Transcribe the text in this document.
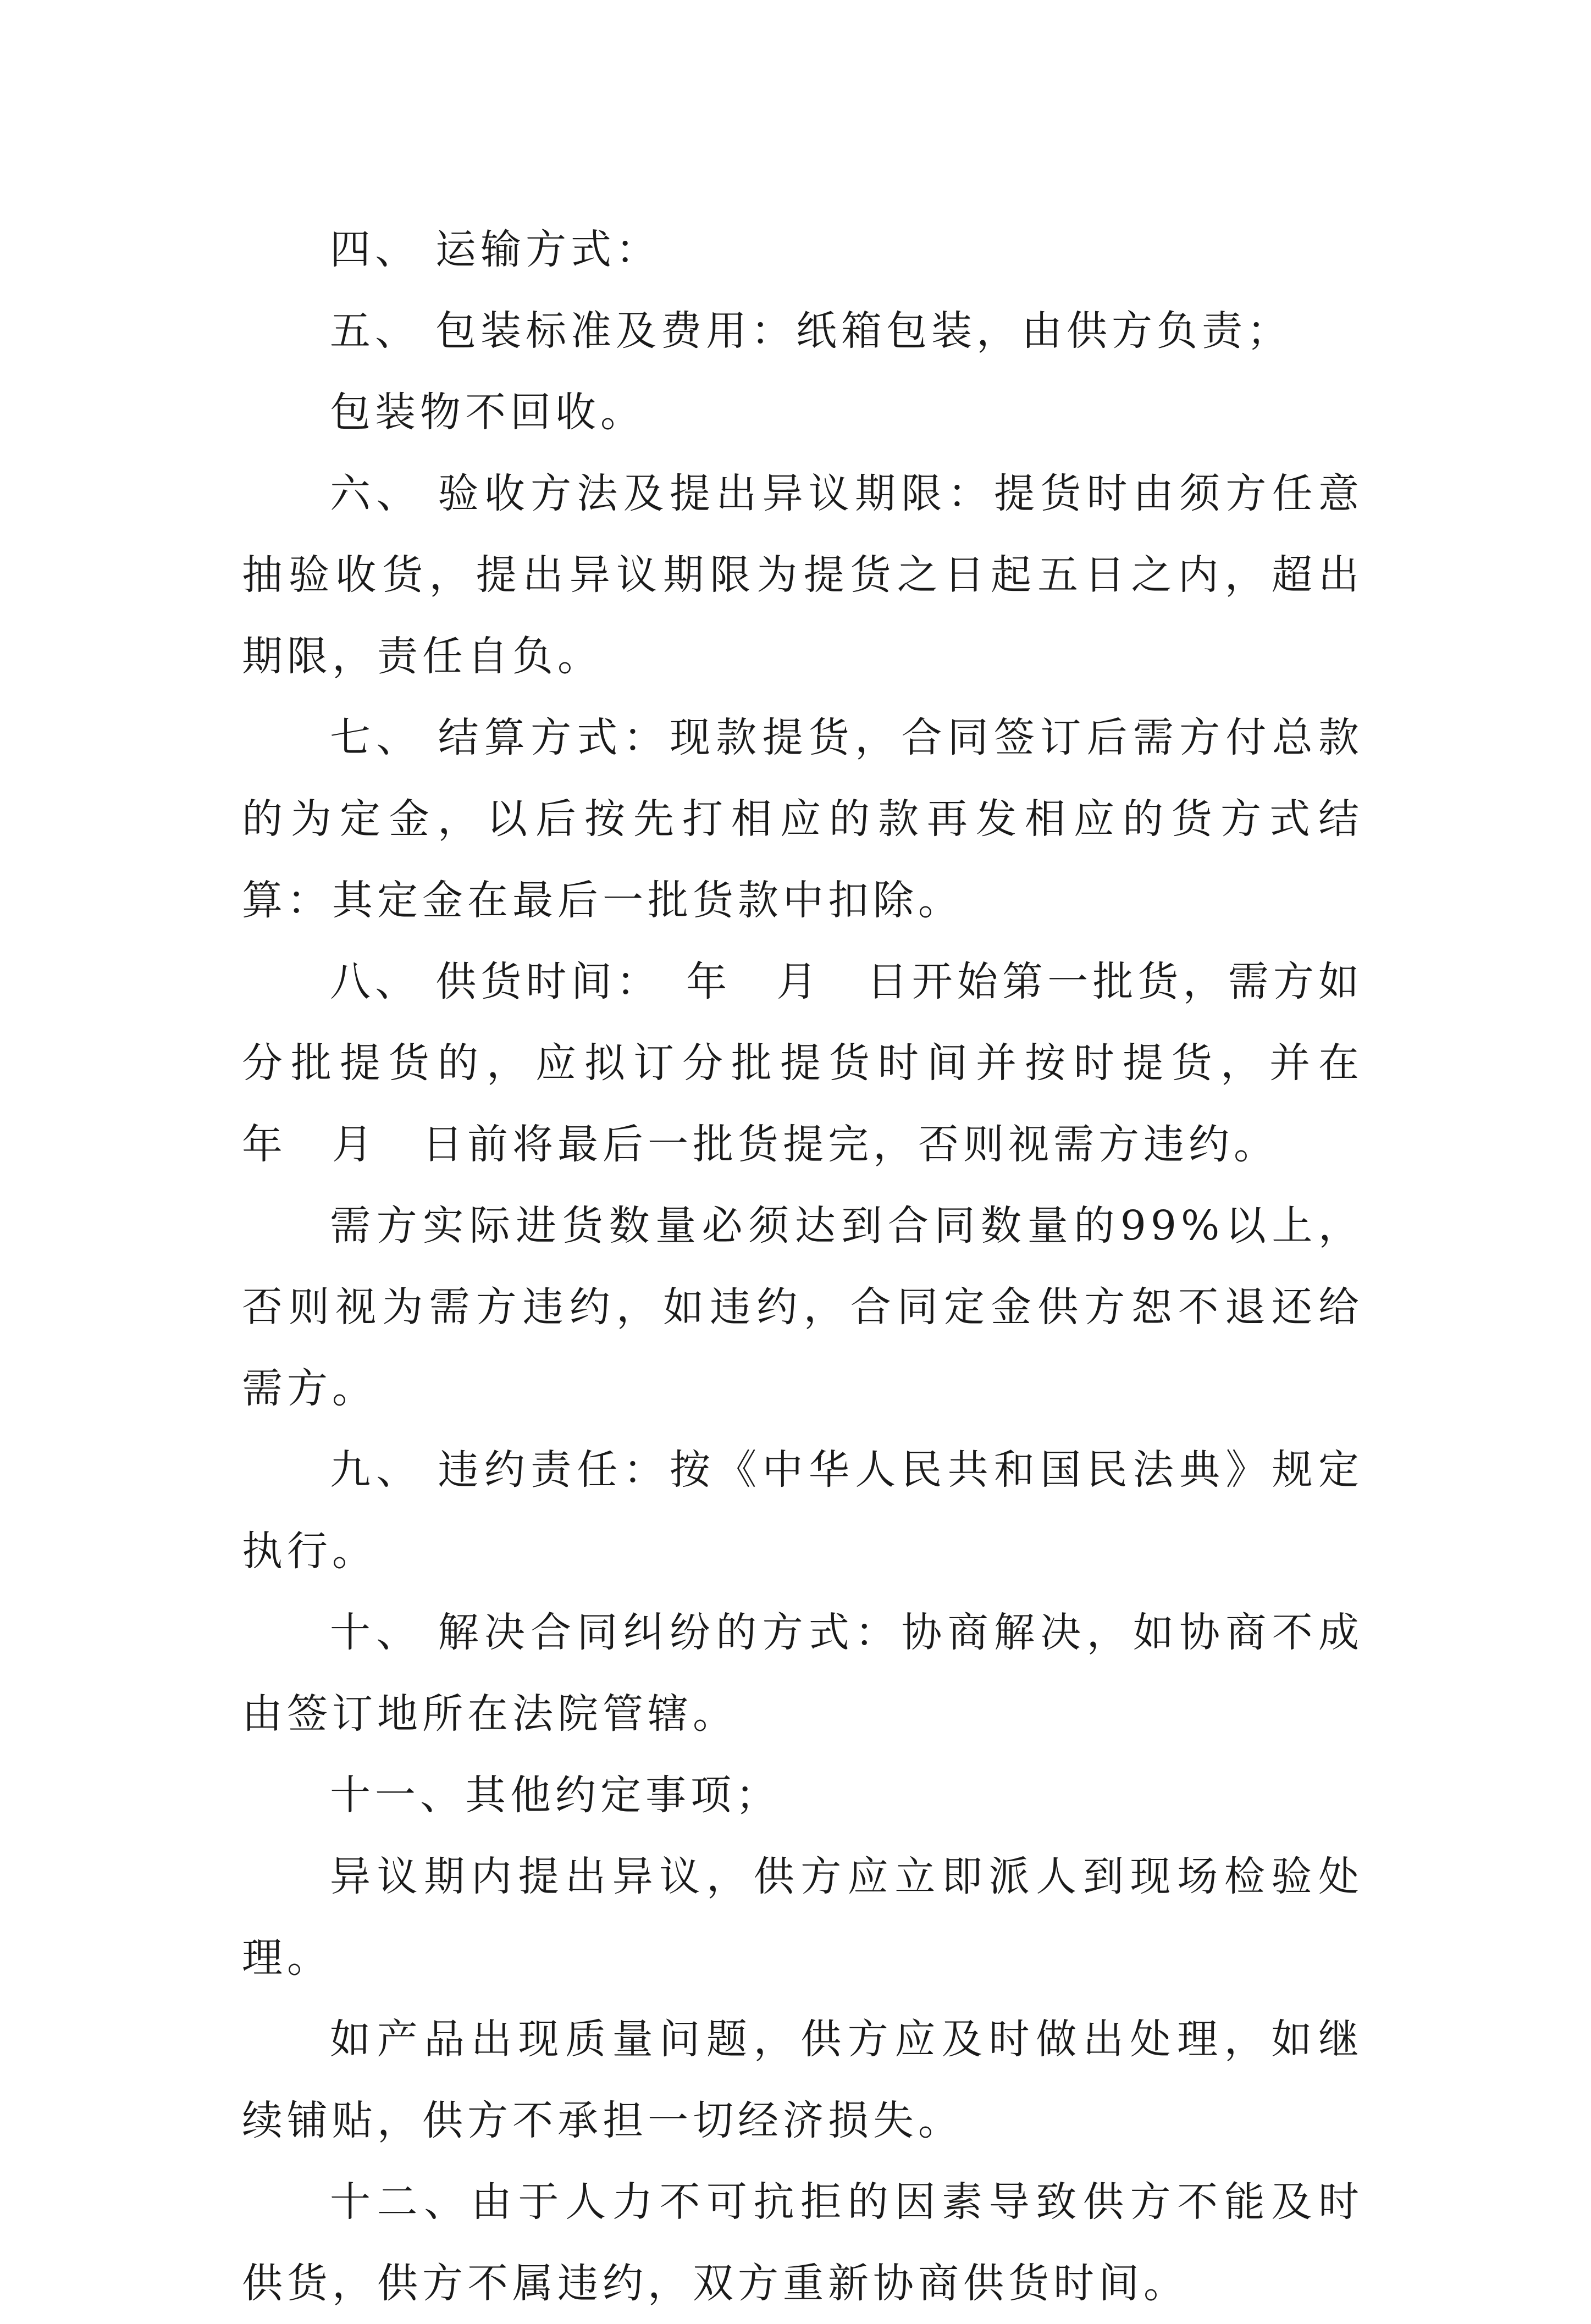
四、 运输方式：

五、 包装标准及费用：纸箱包装，由供方负责；

包装物不回收。

六、 验收方法及提出异议期限：提货时由须方任意抽验收货，提出异议期限为提货之日起五日之内，超出期限，责任自负。

七、 结算方式：现款提货，合同签订后需方付总款的为定金，以后按先打相应的款再发相应的货方式结算：其定金在最后一批货款中扣除。

八、 供货时间：　年　月　日开始第一批货，需方如分批提货的，应拟订分批提货时间并按时提货，并在　年　月　日前将最后一批货提完，否则视需方违约。

需方实际进货数量必须达到合同数量的99%以上，否则视为需方违约，如违约，合同定金供方恕不退还给需方。

九、 违约责任：按《中华人民共和国民法典》规定执行。

十、 解决合同纠纷的方式：协商解决，如协商不成由签订地所在法院管辖。

十一、其他约定事项；

异议期内提出异议，供方应立即派人到现场检验处理。

如产品出现质量问题，供方应及时做出处理，如继续铺贴，供方不承担一切经济损失。

十二、由于人力不可抗拒的因素导致供方不能及时供货，供方不属违约，双方重新协商供货时间。
